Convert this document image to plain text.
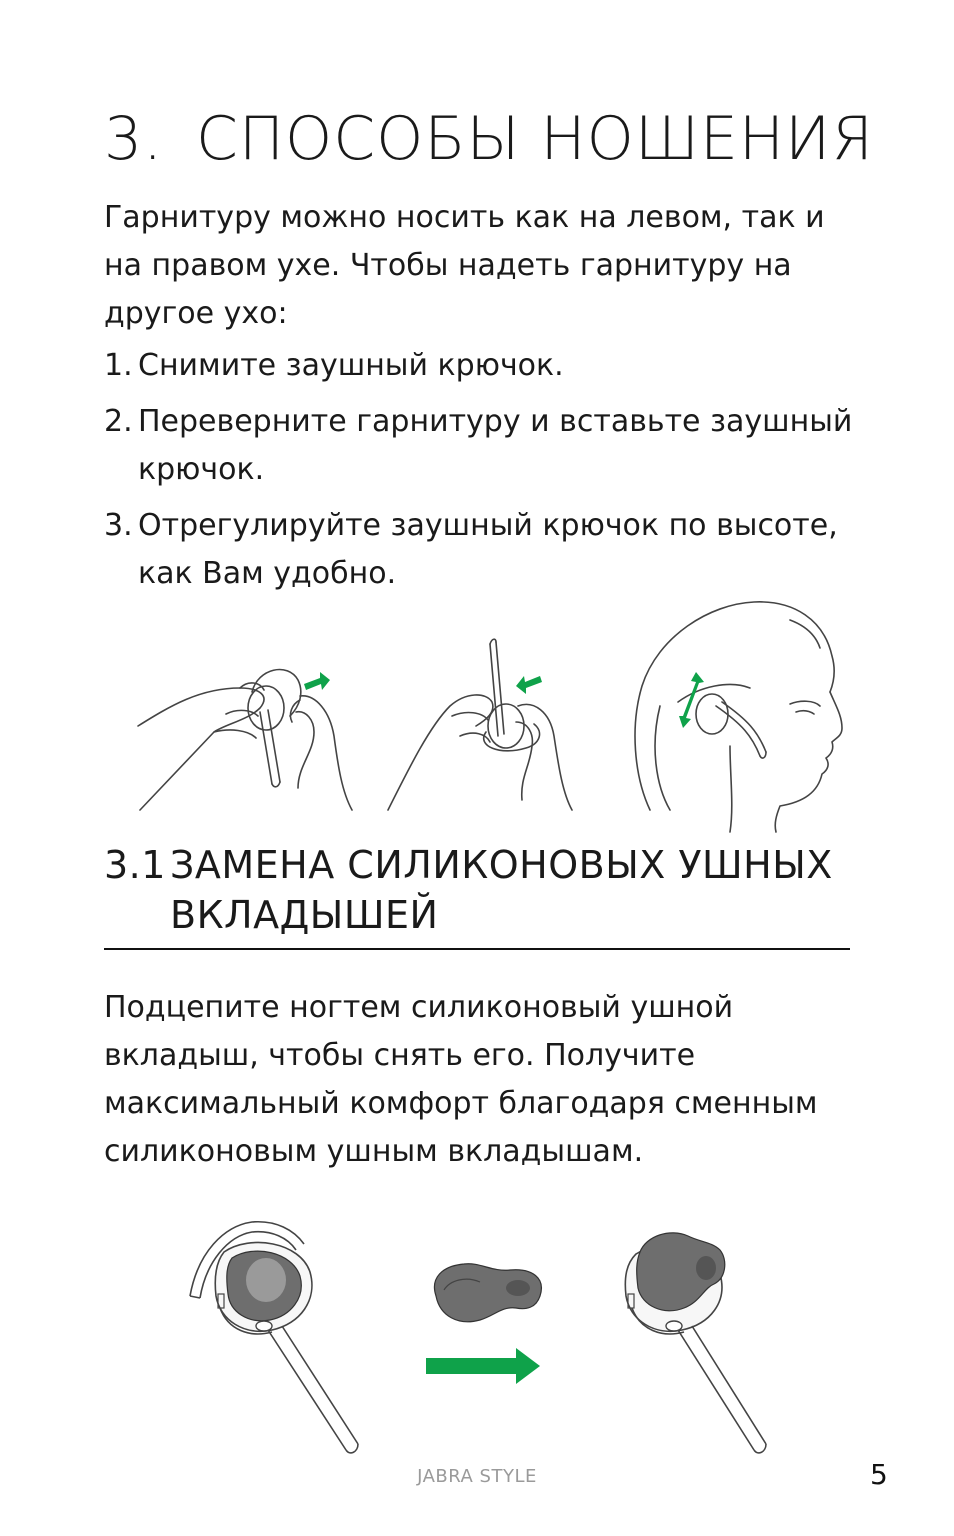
3. СПОСОБЫ НОШЕНИЯ
Гарнитуру можно носить как на левом, так и на правом ухе. Чтобы надеть гарнитуру на другое ухо:
1. Снимите заушный крючок.
2. Переверните гарнитуру и вставьте заушный крючок.
3. Отрегулируйте заушный крючок по высоте, как Вам удобно.
3.1 ЗАМЕНА СИЛИКОНОВЫХ УШНЫХ ВКЛАДЫШЕЙ
Подцепите ногтем силиконовый ушной вкладыш, чтобы снять его. Получите максимальный комфорт благодаря сменным силиконовым ушным вкладышам.
JABRA STYLE	5
